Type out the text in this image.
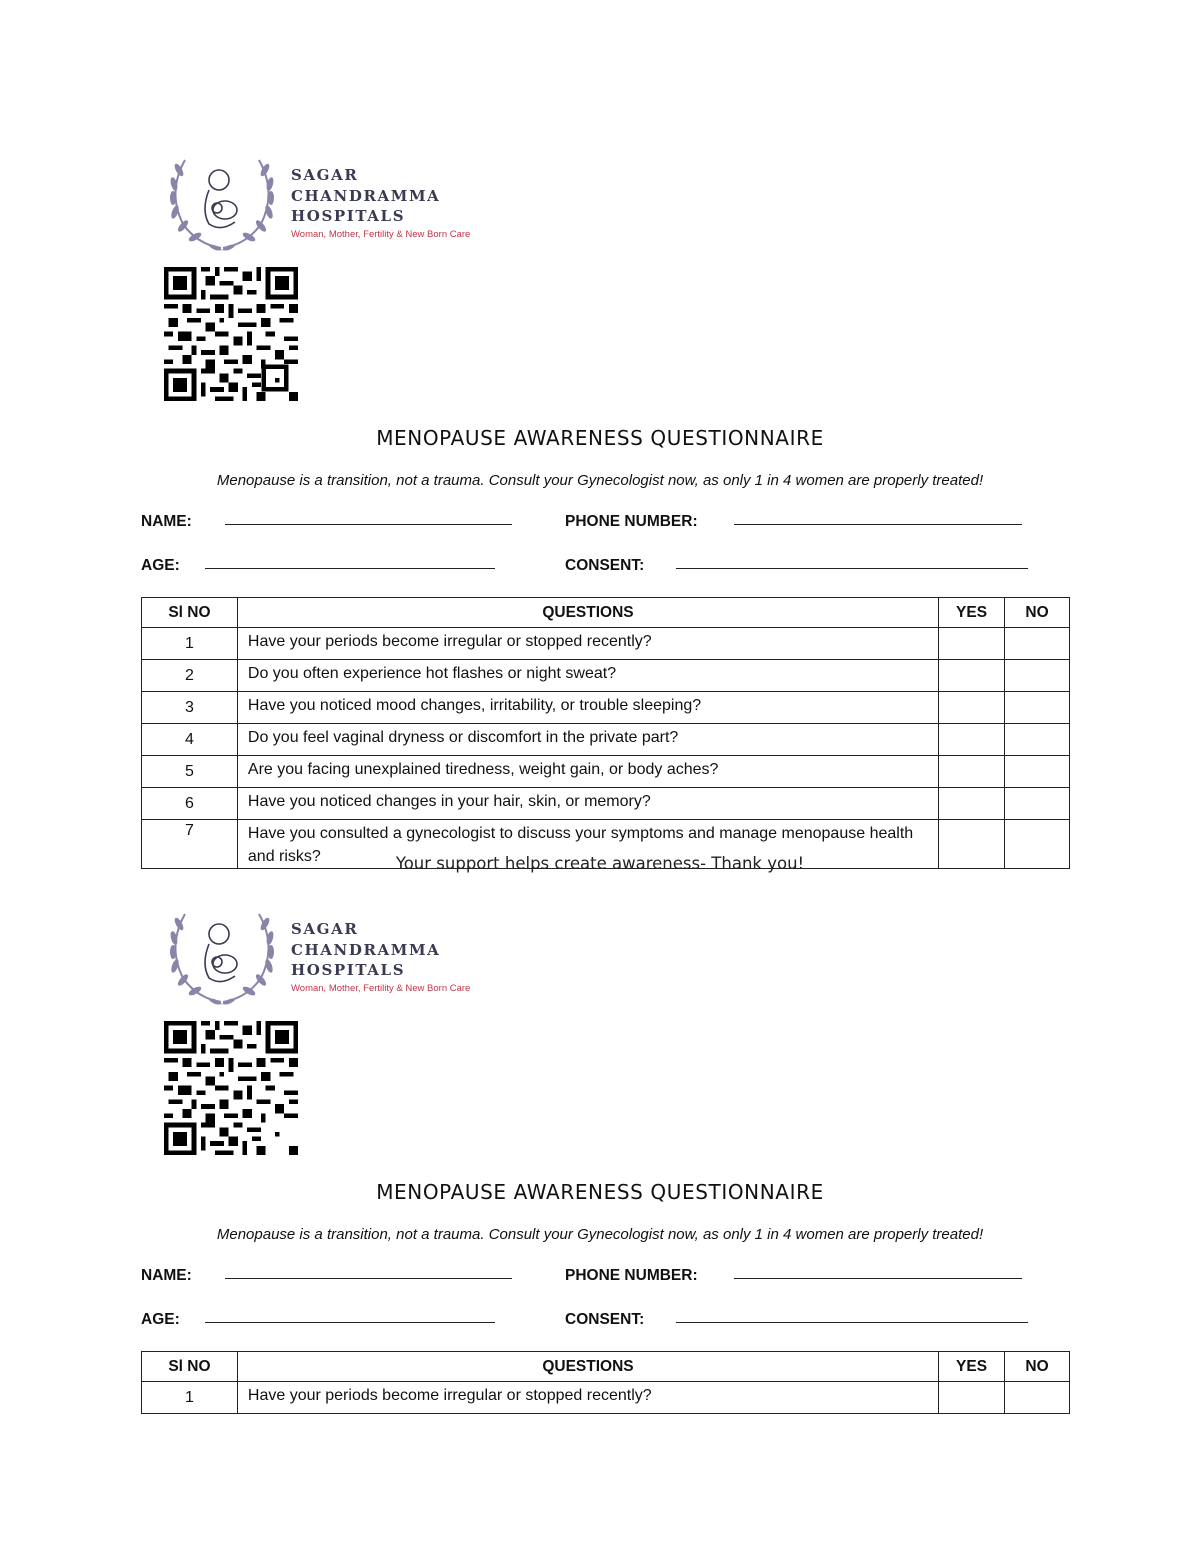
SAGAR
CHANDRAMMA
HOSPITALS
Woman, Mother, Fertility & New Born Care
MENOPAUSE AWARENESS QUESTIONNAIRE
Menopause is a transition, not a trauma. Consult your Gynecologist now, as only 1 in 4 women are properly treated!
NAME:	PHONE NUMBER:
AGE:	CONSENT:
Sl NO	QUESTIONS	YES	NO
1	Have your periods become irregular or stopped recently?		
2	Do you often experience hot flashes or night sweat?		
3	Have you noticed mood changes, irritability, or trouble sleeping?		
4	Do you feel vaginal dryness or discomfort in the private part?		
5	Are you facing unexplained tiredness, weight gain, or body aches?		
6	Have you noticed changes in your hair, skin, or memory?		
7	Have you consulted a gynecologist to discuss your symptoms and manage menopause health and risks?			Your support helps create awareness- Thank you!
SAGAR
CHANDRAMMA
HOSPITALS
Woman, Mother, Fertility & New Born Care
MENOPAUSE AWARENESS QUESTIONNAIRE
Menopause is a transition, not a trauma. Consult your Gynecologist now, as only 1 in 4 women are properly treated!
NAME:	PHONE NUMBER:
AGE:	CONSENT:
Sl NO	QUESTIONS	YES	NO
1	Have your periods become irregular or stopped recently?		
